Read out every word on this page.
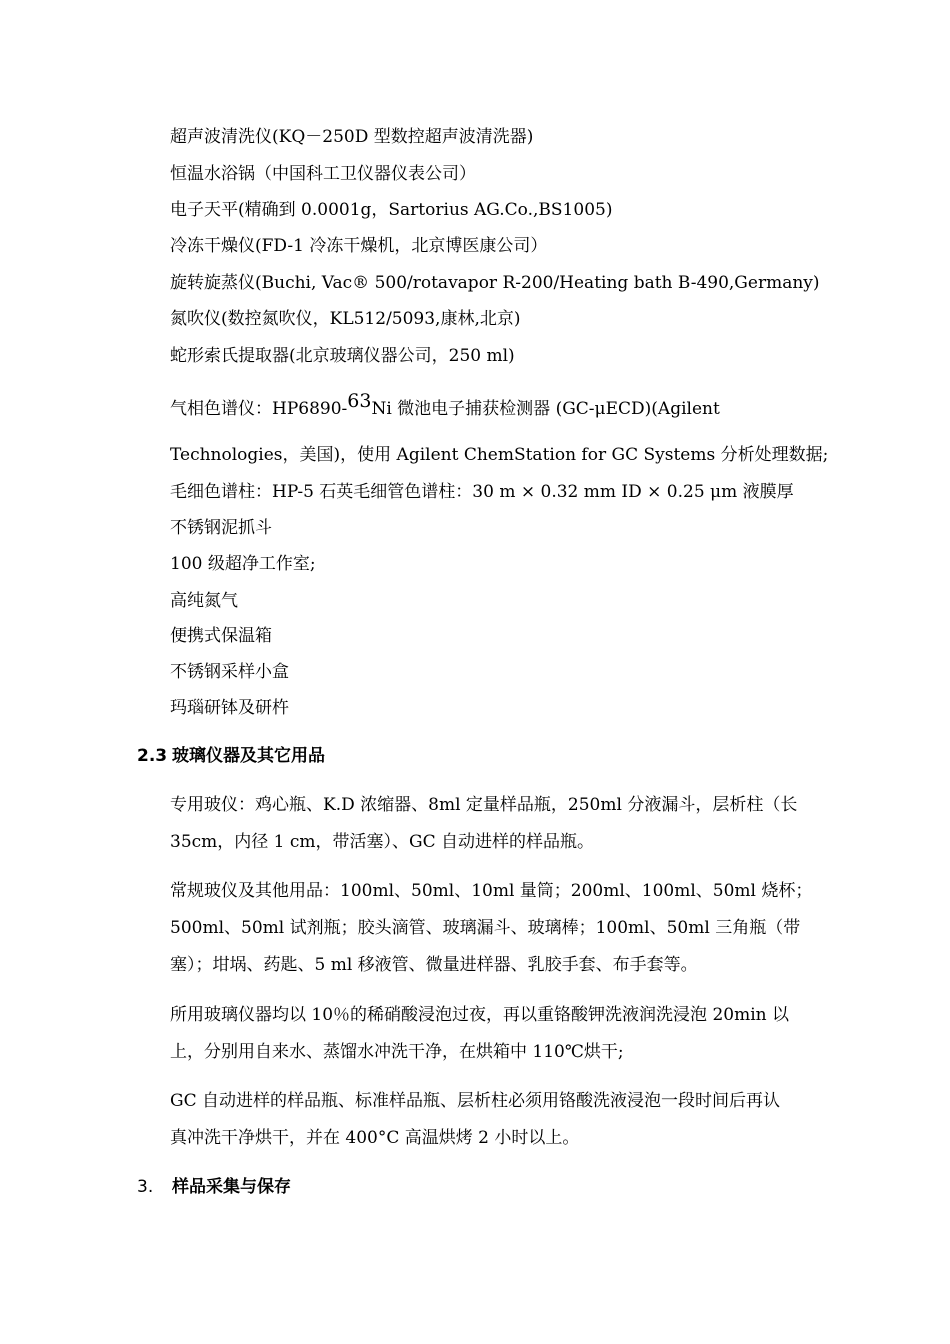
超声波清洗仪(KQ－250D 型数控超声波清洗器)
恒温水浴锅（中国科工卫仪器仪表公司）
电子天平(精确到 0.0001g，Sartorius AG.Co.,BS1005)
冷冻干燥仪(FD-1 冷冻干燥机，北京博医康公司）
旋转旋蒸仪(Buchi, Vac® 500/rotavapor R-200/Heating bath B-490,Germany)
氮吹仪(数控氮吹仪，KL512/5093,康林,北京)
蛇形索氏提取器(北京玻璃仪器公司，250 ml)
气相色谱仪：HP6890-63Ni 微池电子捕获检测器 (GC-μECD)(Agilent
Technologies，美国)，使用 Agilent ChemStation for GC Systems 分析处理数据;
毛细色谱柱：HP-5 石英毛细管色谱柱：30 m × 0.32 mm ID × 0.25 μm 液膜厚
不锈钢泥抓斗
100 级超净工作室;
高纯氮气
便携式保温箱
不锈钢采样小盒
玛瑙研钵及研杵
2.3 玻璃仪器及其它用品
专用玻仪：鸡心瓶、K.D 浓缩器、8ml 定量样品瓶，250ml 分液漏斗，层析柱（长
35cm，内径 1 cm，带活塞）、GC 自动进样的样品瓶。
常规玻仪及其他用品：100ml、50ml、10ml 量筒；200ml、100ml、50ml 烧杯；
500ml、50ml 试剂瓶；胶头滴管、玻璃漏斗、玻璃棒；100ml、50ml 三角瓶（带
塞）；坩埚、药匙、5 ml 移液管、微量进样器、乳胶手套、布手套等。
所用玻璃仪器均以 10％的稀硝酸浸泡过夜，再以重铬酸钾洗液润洗浸泡 20min 以
上，分别用自来水、蒸馏水冲洗干净，在烘箱中 110℃烘干;
GC 自动进样的样品瓶、标准样品瓶、层析柱必须用铬酸洗液浸泡一段时间后再认
真冲洗干净烘干，并在 400°C 高温烘烤 2 小时以上。
3. 样品采集与保存
